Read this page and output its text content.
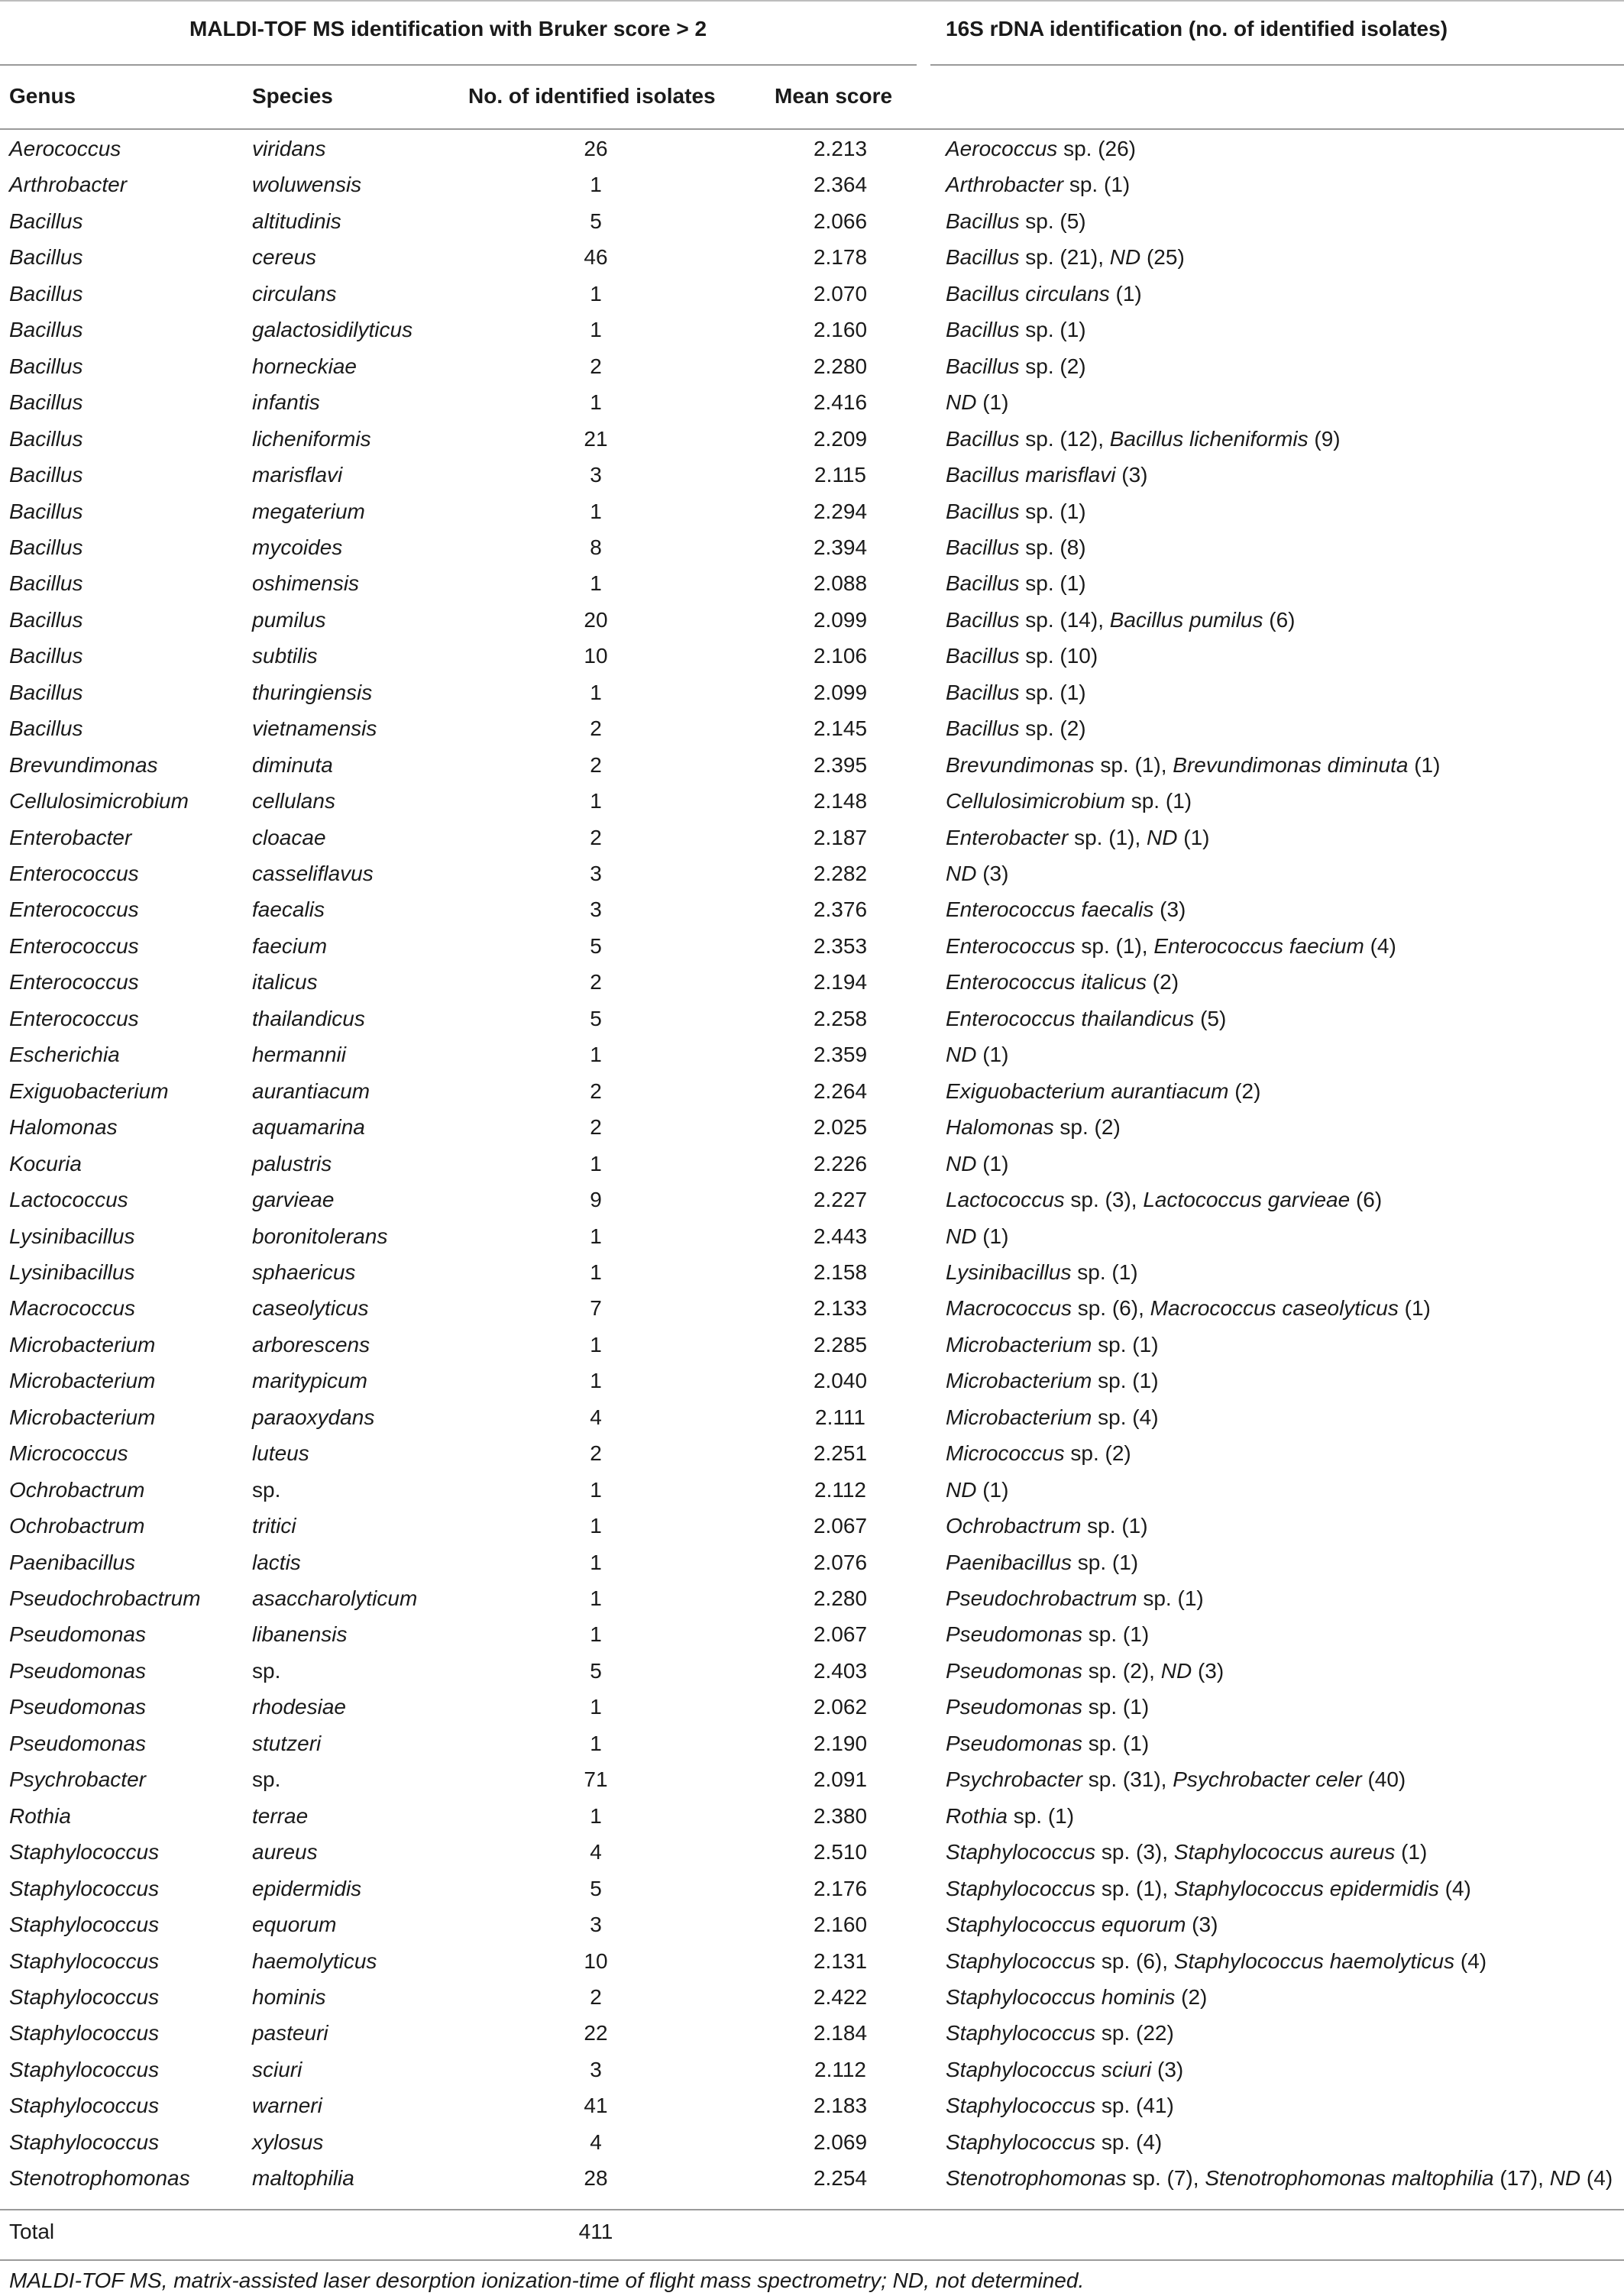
MALDI-TOF MS identification with Bruker score > 2	16S rDNA identification (no. of identified isolates)
Genus	Species	No. of identified isolates	Mean score
Aerococcus	viridans	26	2.213	Aerococcus sp. (26)
Arthrobacter	woluwensis	1	2.364	Arthrobacter sp. (1)
Bacillus	altitudinis	5	2.066	Bacillus sp. (5)
Bacillus	cereus	46	2.178	Bacillus sp. (21), ND (25)
Bacillus	circulans	1	2.070	Bacillus circulans (1)
Bacillus	galactosidilyticus	1	2.160	Bacillus sp. (1)
Bacillus	horneckiae	2	2.280	Bacillus sp. (2)
Bacillus	infantis	1	2.416	ND (1)
Bacillus	licheniformis	21	2.209	Bacillus sp. (12), Bacillus licheniformis (9)
Bacillus	marisflavi	3	2.115	Bacillus marisflavi (3)
Bacillus	megaterium	1	2.294	Bacillus sp. (1)
Bacillus	mycoides	8	2.394	Bacillus sp. (8)
Bacillus	oshimensis	1	2.088	Bacillus sp. (1)
Bacillus	pumilus	20	2.099	Bacillus sp. (14), Bacillus pumilus (6)
Bacillus	subtilis	10	2.106	Bacillus sp. (10)
Bacillus	thuringiensis	1	2.099	Bacillus sp. (1)
Bacillus	vietnamensis	2	2.145	Bacillus sp. (2)
Brevundimonas	diminuta	2	2.395	Brevundimonas sp. (1), Brevundimonas diminuta (1)
Cellulosimicrobium	cellulans	1	2.148	Cellulosimicrobium sp. (1)
Enterobacter	cloacae	2	2.187	Enterobacter sp. (1), ND (1)
Enterococcus	casseliflavus	3	2.282	ND (3)
Enterococcus	faecalis	3	2.376	Enterococcus faecalis (3)
Enterococcus	faecium	5	2.353	Enterococcus sp. (1), Enterococcus faecium (4)
Enterococcus	italicus	2	2.194	Enterococcus italicus (2)
Enterococcus	thailandicus	5	2.258	Enterococcus thailandicus (5)
Escherichia	hermannii	1	2.359	ND (1)
Exiguobacterium	aurantiacum	2	2.264	Exiguobacterium aurantiacum (2)
Halomonas	aquamarina	2	2.025	Halomonas sp. (2)
Kocuria	palustris	1	2.226	ND (1)
Lactococcus	garvieae	9	2.227	Lactococcus sp. (3), Lactococcus garvieae (6)
Lysinibacillus	boronitolerans	1	2.443	ND (1)
Lysinibacillus	sphaericus	1	2.158	Lysinibacillus sp. (1)
Macrococcus	caseolyticus	7	2.133	Macrococcus sp. (6), Macrococcus caseolyticus (1)
Microbacterium	arborescens	1	2.285	Microbacterium sp. (1)
Microbacterium	maritypicum	1	2.040	Microbacterium sp. (1)
Microbacterium	paraoxydans	4	2.111	Microbacterium sp. (4)
Micrococcus	luteus	2	2.251	Micrococcus sp. (2)
Ochrobactrum	sp.	1	2.112	ND (1)
Ochrobactrum	tritici	1	2.067	Ochrobactrum sp. (1)
Paenibacillus	lactis	1	2.076	Paenibacillus sp. (1)
Pseudochrobactrum asaccharolyticum	1	2.280	Pseudochrobactrum sp. (1)
Pseudomonas	libanensis	1	2.067	Pseudomonas sp. (1)
Pseudomonas	sp.	5	2.403	Pseudomonas sp. (2), ND (3)
Pseudomonas	rhodesiae	1	2.062	Pseudomonas sp. (1)
Pseudomonas	stutzeri	1	2.190	Pseudomonas sp. (1)
Psychrobacter	sp.	71	2.091	Psychrobacter sp. (31), Psychrobacter celer (40)
Rothia	terrae	1	2.380	Rothia sp. (1)
Staphylococcus	aureus	4	2.510	Staphylococcus sp. (3), Staphylococcus aureus (1)
Staphylococcus	epidermidis	5	2.176	Staphylococcus sp. (1), Staphylococcus epidermidis (4)
Staphylococcus	equorum	3	2.160	Staphylococcus equorum (3)
Staphylococcus	haemolyticus	10	2.131	Staphylococcus sp. (6), Staphylococcus haemolyticus (4)
Staphylococcus	hominis	2	2.422	Staphylococcus hominis (2)
Staphylococcus	pasteuri	22	2.184	Staphylococcus sp. (22)
Staphylococcus	sciuri	3	2.112	Staphylococcus sciuri (3)
Staphylococcus	warneri	41	2.183	Staphylococcus sp. (41)
Staphylococcus	xylosus	4	2.069	Staphylococcus sp. (4)
Stenotrophomonas	maltophilia	28	2.254	Stenotrophomonas sp. (7), Stenotrophomonas maltophilia (17), ND (4)
Total	411
MALDI-TOF MS, matrix-assisted laser desorption ionization-time of flight mass spectrometry; ND, not determined.
